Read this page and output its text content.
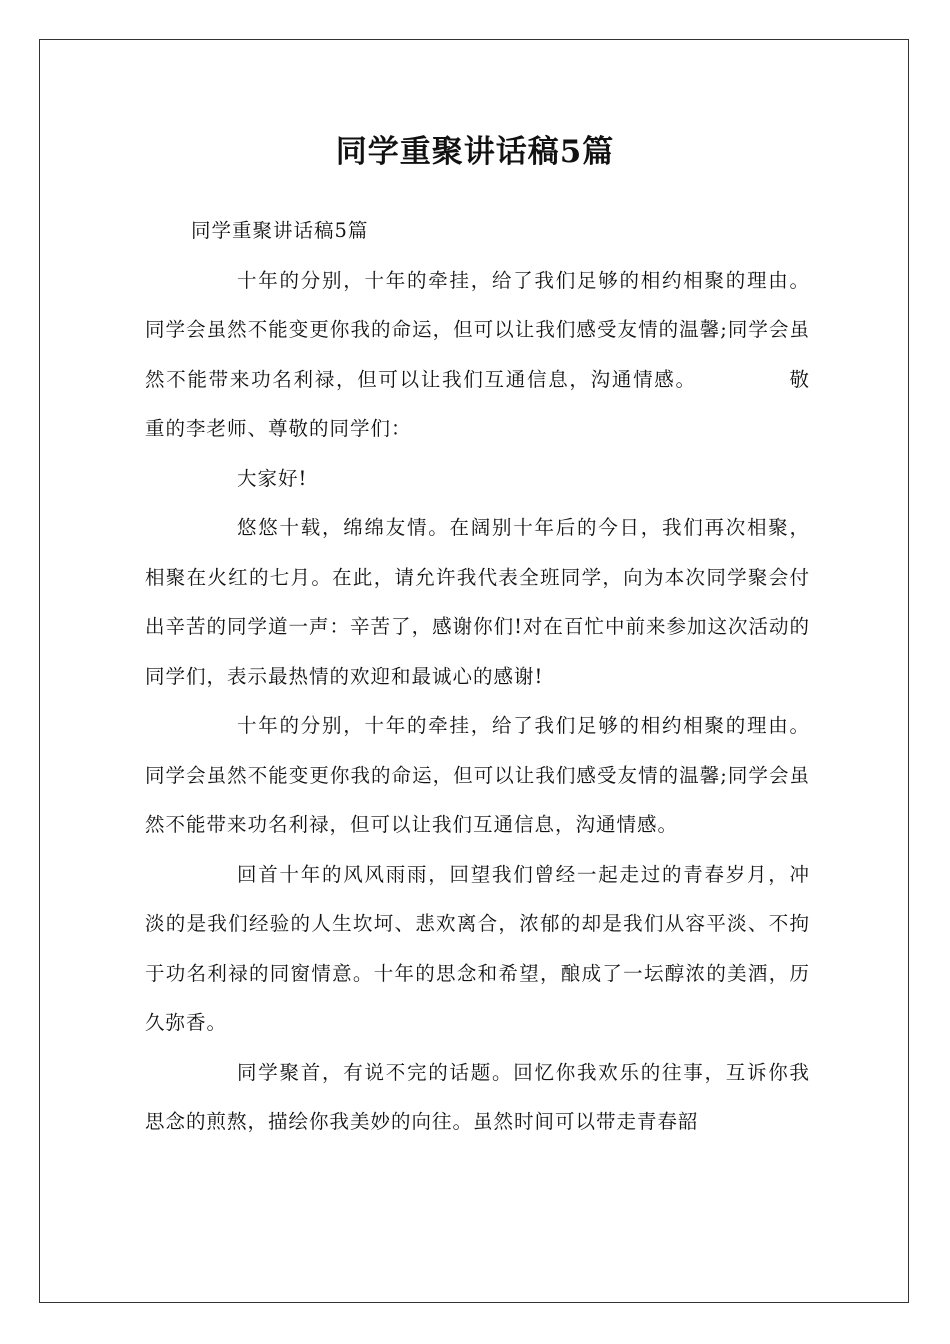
同学重聚讲话稿5篇

同学重聚讲话稿5篇

十年的分别，十年的牵挂，给了我们足够的相约相聚的理由。同学会虽然不能变更你我的命运，但可以让我们感受友情的温馨;同学会虽然不能带来功名利禄，但可以让我们互通信息，沟通情感。	敬重的李老师、尊敬的同学们：

大家好!

悠悠十载，绵绵友情。在阔别十年后的今日，我们再次相聚，相聚在火红的七月。在此，请允许我代表全班同学，向为本次同学聚会付出辛苦的同学道一声：辛苦了，感谢你们!对在百忙中前来参加这次活动的同学们，表示最热情的欢迎和最诚心的感谢!

十年的分别，十年的牵挂，给了我们足够的相约相聚的理由。同学会虽然不能变更你我的命运，但可以让我们感受友情的温馨;同学会虽然不能带来功名利禄，但可以让我们互通信息，沟通情感。

回首十年的风风雨雨，回望我们曾经一起走过的青春岁月，冲淡的是我们经验的人生坎坷、悲欢离合，浓郁的却是我们从容平淡、不拘于功名利禄的同窗情意。十年的思念和希望，酿成了一坛醇浓的美酒，历久弥香。

同学聚首，有说不完的话题。回忆你我欢乐的往事，互诉你我思念的煎熬，描绘你我美妙的向往。虽然时间可以带走青春韶
